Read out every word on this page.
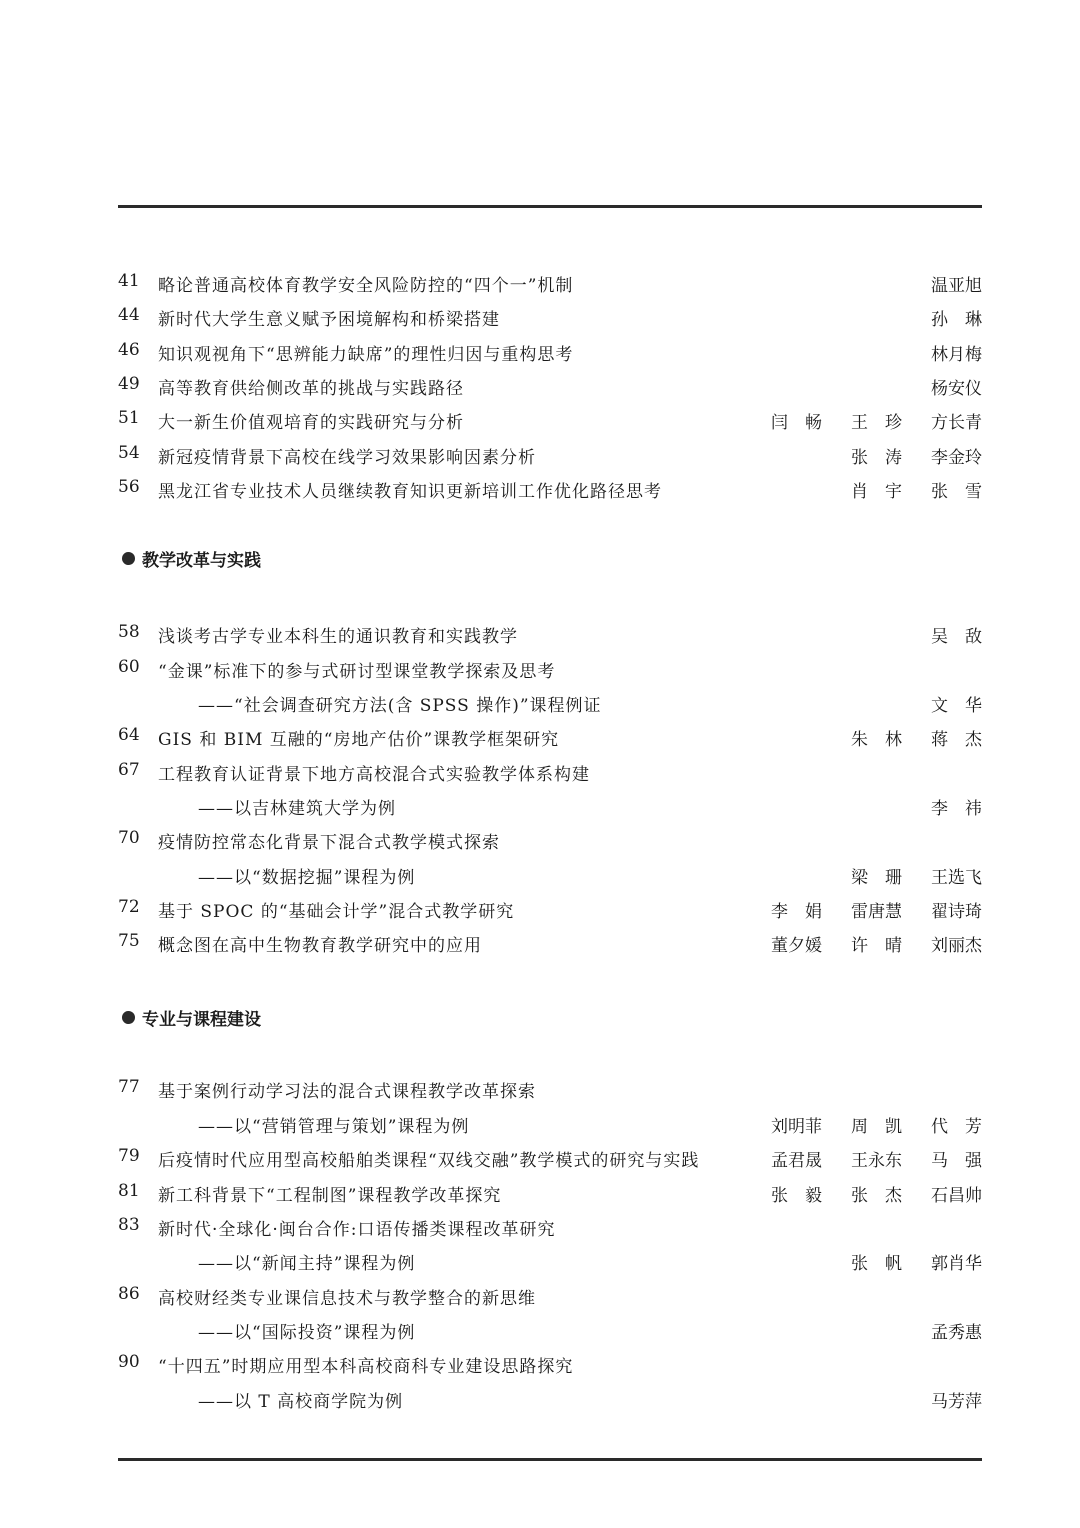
教学改革与实践
专业与课程建设
41	略论普通高校体育教学安全风险防控的“四个一”机制	温亚旭
44	新时代大学生意义赋予困境解构和桥梁搭建	孙　琳
46	知识观视角下“思辨能力缺席”的理性归因与重构思考	林月梅
49	高等教育供给侧改革的挑战与实践路径	杨安仪
51	大一新生价值观培育的实践研究与分析	闫　畅 王　珍 方长青
54	新冠疫情背景下高校在线学习效果影响因素分析	张　涛 李金玲
56	黑龙江省专业技术人员继续教育知识更新培训工作优化路径思考	肖　宇 张　雪
58	浅谈考古学专业本科生的通识教育和实践教学	吴　敌
60	“金课”标准下的参与式研讨型课堂教学探索及思考
——“社会调查研究方法(含 SPSS 操作)”课程例证	文　华
64	GIS 和 BIM 互融的“房地产估价”课教学框架研究	朱　林 蒋　杰
67	工程教育认证背景下地方高校混合式实验教学体系构建
——以吉林建筑大学为例	李　祎
70	疫情防控常态化背景下混合式教学模式探索
——以“数据挖掘”课程为例	梁　珊 王选飞
72	基于 SPOC 的“基础会计学”混合式教学研究	李　娟 雷唐慧 翟诗琦
75	概念图在高中生物教育教学研究中的应用	董夕媛 许　晴 刘丽杰
77	基于案例行动学习法的混合式课程教学改革探索
——以“营销管理与策划”课程为例	刘明菲 周　凯 代　芳
79	后疫情时代应用型高校船舶类课程“双线交融”教学模式的研究与实践	孟君晟 王永东 马　强
81	新工科背景下“工程制图”课程教学改革探究	张　毅 张　杰 石昌帅
83	新时代·全球化·闽台合作:口语传播类课程改革研究
——以“新闻主持”课程为例	张　帆 郭肖华
86	高校财经类专业课信息技术与教学整合的新思维
——以“国际投资”课程为例	孟秀惠
90	“十四五”时期应用型本科高校商科专业建设思路探究
——以 T 高校商学院为例	马芳萍
